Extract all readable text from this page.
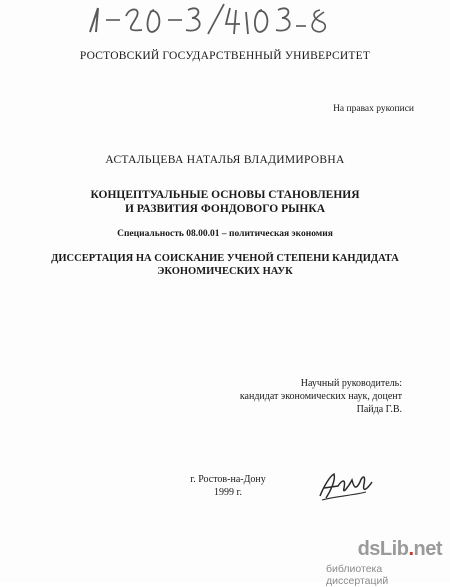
РОСТОВСКИЙ ГОСУДАРСТВЕННЫЙ УНИВЕРСИТЕТ
На правах рукописи
АСТАЛЬЦЕВА НАТАЛЬЯ ВЛАДИМИРОВНА
КОНЦЕПТУАЛЬНЫЕ ОСНОВЫ СТАНОВЛЕНИЯ
И РАЗВИТИЯ ФОНДОВОГО РЫНКА
Специальность 08.00.01 – политическая экономия
ДИССЕРТАЦИЯ НА СОИСКАНИЕ УЧЕНОЙ СТЕПЕНИ КАНДИДАТА
ЭКОНОМИЧЕСКИХ НАУК
Научный руководитель:
кандидат экономических наук, доцент
Пайда Г.В.
г. Ростов-на-Дону
1999 г.
dsLib.net
библиотека диссертаций
